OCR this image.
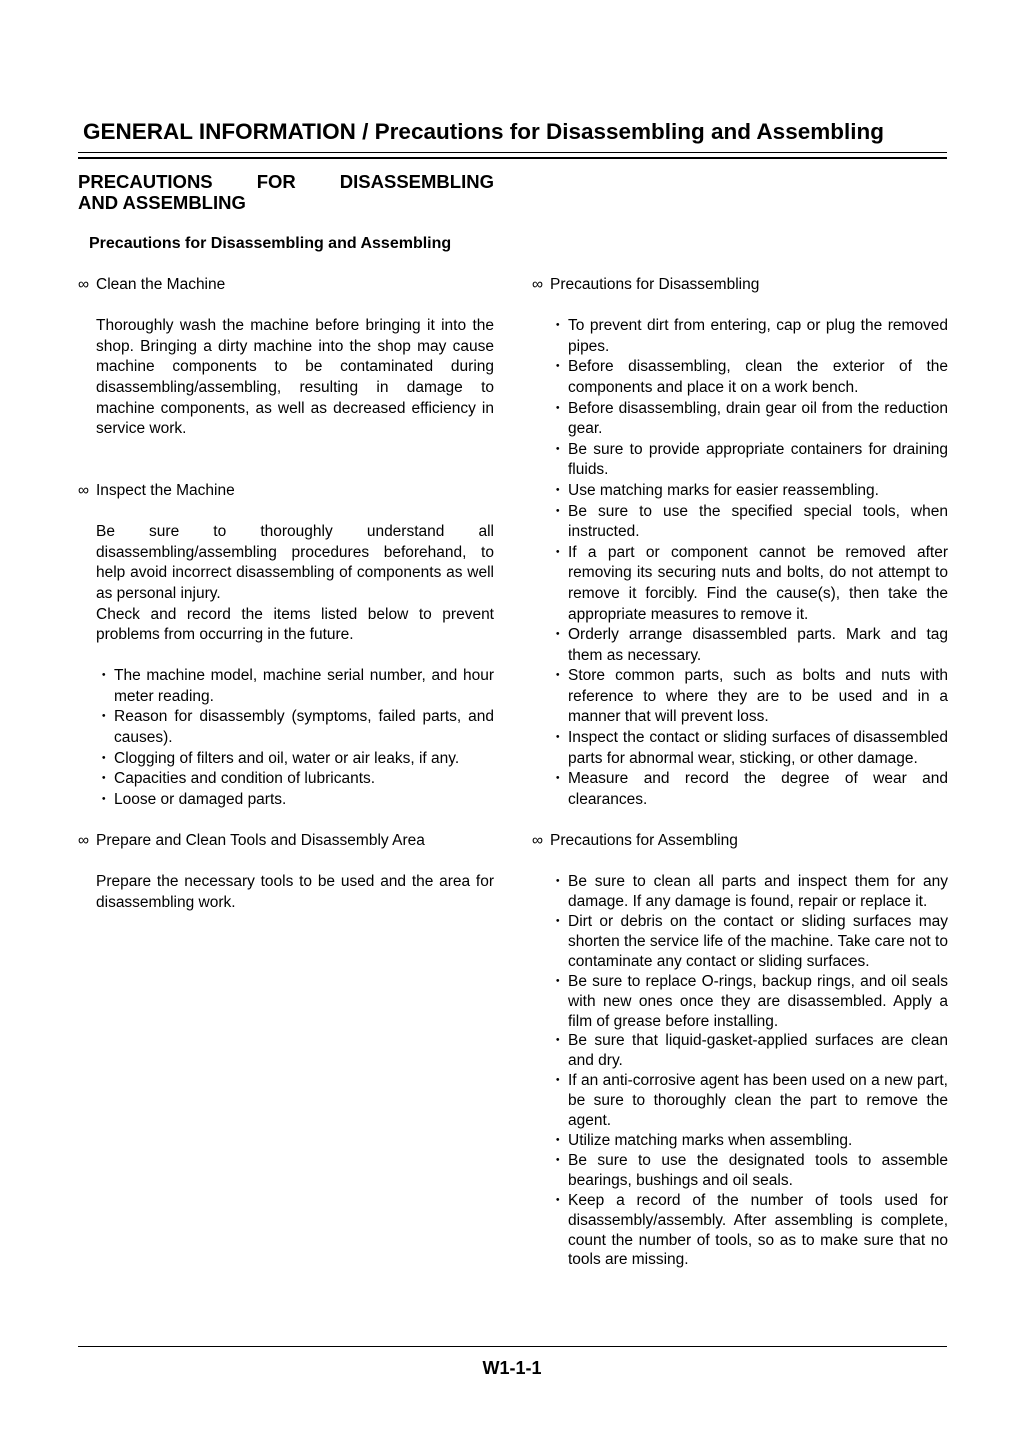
GENERAL INFORMATION / Precautions for Disassembling and Assembling
PRECAUTIONS FOR DISASSEMBLING
AND ASSEMBLING
Precautions for Disassembling and Assembling
∞ Clean the Machine

Thoroughly wash the machine before bringing it into the shop. Bringing a dirty machine into the shop may cause machine components to be contaminated during disassembling/assembling, resulting in damage to machine components, as well as decreased efficiency in service work.

∞ Inspect the Machine

Be sure to thoroughly understand all disassembling/assembling procedures beforehand, to help avoid incorrect disassembling of components as well as personal injury.

Check and record the items listed below to prevent problems from occurring in the future.

・ The machine model, machine serial number, and hour meter reading.
・ Reason for disassembly (symptoms, failed parts, and causes).
・ Clogging of filters and oil, water or air leaks, if any.
・ Capacities and condition of lubricants.
・ Loose or damaged parts.
∞ Prepare and Clean Tools and Disassembly Area

Prepare the necessary tools to be used and the area for disassembling work.

∞ Precautions for Disassembling
・ To prevent dirt from entering, cap or plug the removed pipes.
・ Before disassembling, clean the exterior of the components and place it on a work bench.
・ Before disassembling, drain gear oil from the reduction gear.
・ Be sure to provide appropriate containers for draining fluids.
・ Use matching marks for easier reassembling.
・ Be sure to use the specified special tools, when instructed.
・ If a part or component cannot be removed after removing its securing nuts and bolts, do not attempt to remove it forcibly. Find the cause(s), then take the appropriate measures to remove it.
・ Orderly arrange disassembled parts. Mark and tag them as necessary.
・ Store common parts, such as bolts and nuts with reference to where they are to be used and in a manner that will prevent loss.
・ Inspect the contact or sliding surfaces of disassembled parts for abnormal wear, sticking, or other damage.
・ Measure and record the degree of wear and clearances.
∞ Precautions for Assembling
・ Be sure to clean all parts and inspect them for any damage. If any damage is found, repair or replace it.
・ Dirt or debris on the contact or sliding surfaces may shorten the service life of the machine. Take care not to contaminate any contact or sliding surfaces.
・ Be sure to replace O-rings, backup rings, and oil seals with new ones once they are disassembled. Apply a film of grease before installing.
・ Be sure that liquid-gasket-applied surfaces are clean and dry.
・ If an anti-corrosive agent has been used on a new part, be sure to thoroughly clean the part to remove the agent.
・ Utilize matching marks when assembling.
・ Be sure to use the designated tools to assemble bearings, bushings and oil seals.
・ Keep a record of the number of tools used for disassembly/assembly. After assembling is complete, count the number of tools, so as to make sure that no tools are missing.
W1-1-1
